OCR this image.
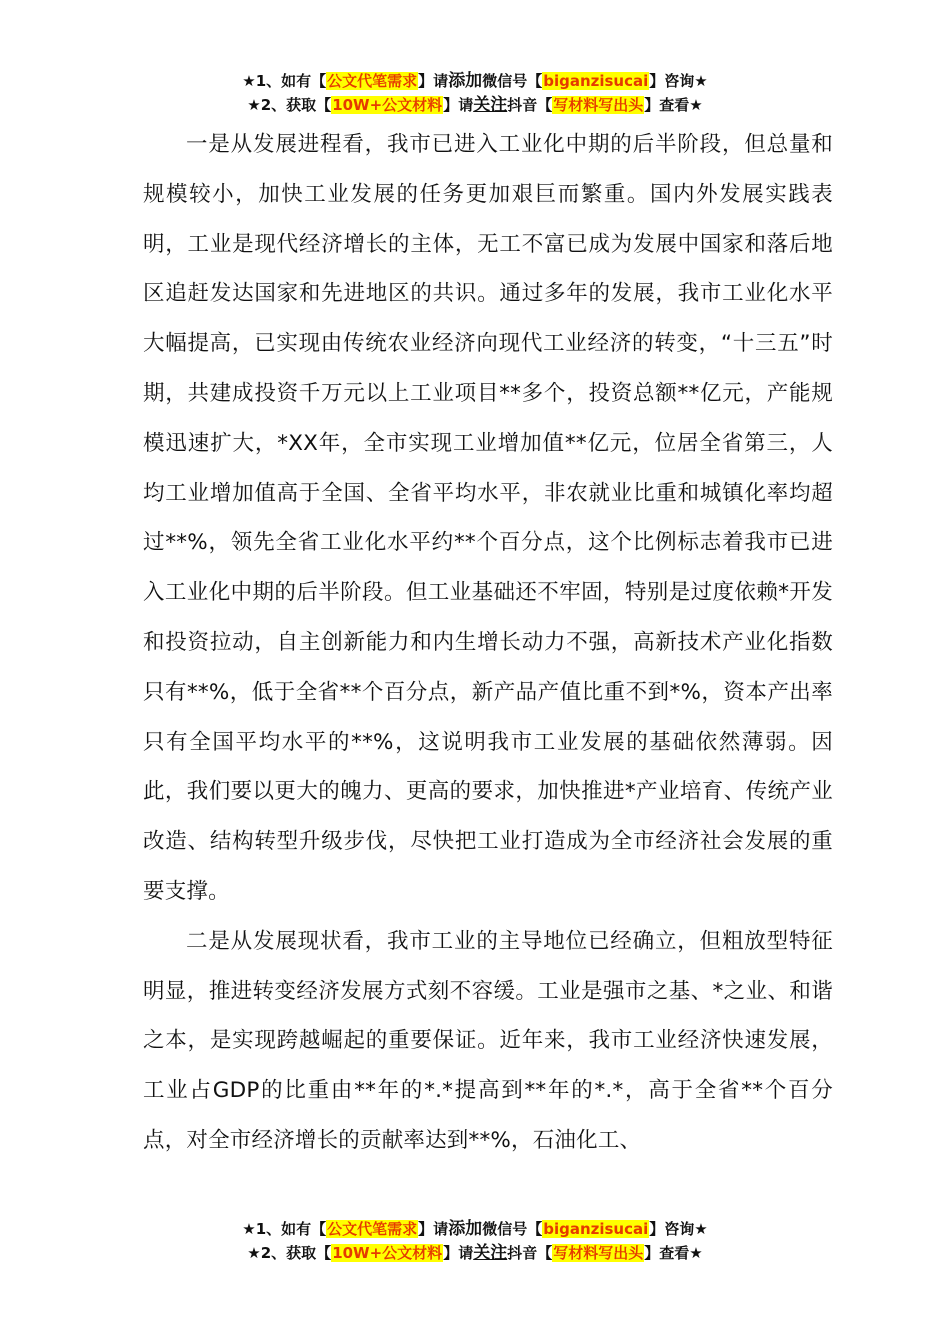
★1、如有【公文代笔需求】请添加微信号【biganzisucai】咨询★
★2、获取【10W+公文材料】请关注抖音【写材料写出头】查看★

一是从发展进程看，我市已进入工业化中期的后半阶段，但总量和规模较小，加快工业发展的任务更加艰巨而繁重。国内外发展实践表明，工业是现代经济增长的主体，无工不富已成为发展中国家和落后地区追赶发达国家和先进地区的共识。通过多年的发展，我市工业化水平大幅提高，已实现由传统农业经济向现代工业经济的转变，“十三五”时期，共建成投资千万元以上工业项目**多个，投资总额**亿元，产能规模迅速扩大，*XX年，全市实现工业增加值**亿元，位居全省第三，人均工业增加值高于全国、全省平均水平，非农就业比重和城镇化率均超过**%，领先全省工业化水平约**个百分点，这个比例标志着我市已进入工业化中期的后半阶段。但工业基础还不牢固，特别是过度依赖*开发和投资拉动，自主创新能力和内生增长动力不强，高新技术产业化指数只有**%，低于全省**个百分点，新产品产值比重不到*%，资本产出率只有全国平均水平的**%，这说明我市工业发展的基础依然薄弱。因此，我们要以更大的魄力、更高的要求，加快推进*产业培育、传统产业改造、结构转型升级步伐，尽快把工业打造成为全市经济社会发展的重要支撑。

二是从发展现状看，我市工业的主导地位已经确立，但粗放型特征明显，推进转变经济发展方式刻不容缓。工业是强市之基、*之业、和谐之本，是实现跨越崛起的重要保证。近年来，我市工业经济快速发展，工业占GDP的比重由**年的*.*提高到**年的*.*，高于全省**个百分点，对全市经济增长的贡献率达到**%，石油化工、

★1、如有【公文代笔需求】请添加微信号【biganzisucai】咨询★
★2、获取【10W+公文材料】请关注抖音【写材料写出头】查看★
